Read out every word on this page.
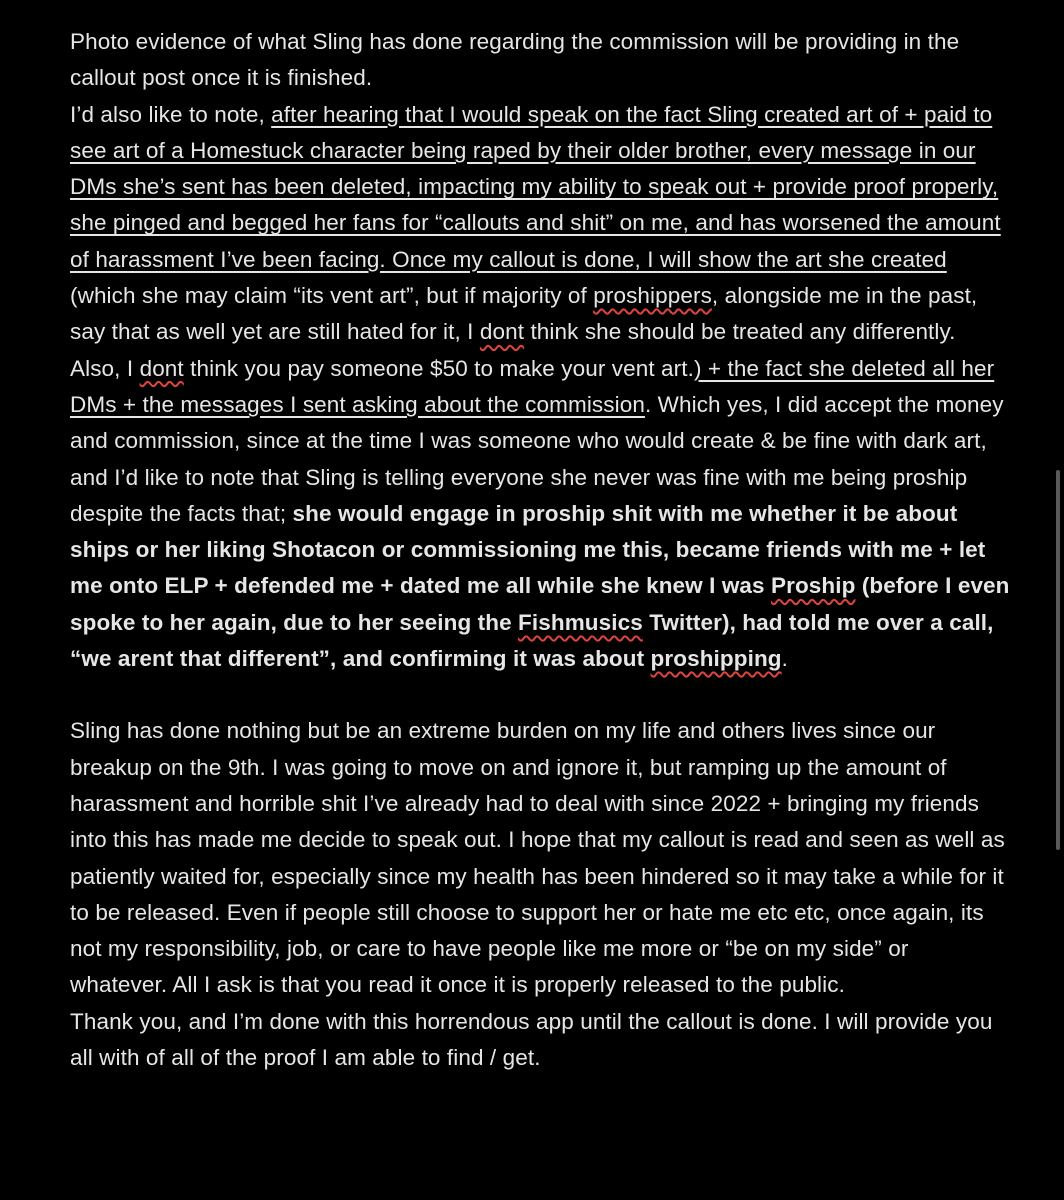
Photo evidence of what Sling has done regarding the commission will be providing in the callout post once it is finished.
I’d also like to note, after hearing that I would speak on the fact Sling created art of + paid to see art of a Homestuck character being raped by their older brother, every message in our DMs she’s sent has been deleted, impacting my ability to speak out + provide proof properly, she pinged and begged her fans for “callouts and shit” on me, and has worsened the amount of harassment I’ve been facing. Once my callout is done, I will show the art she created (which she may claim “its vent art”, but if majority of proshippers, alongside me in the past, say that as well yet are still hated for it, I dont think she should be treated any differently. Also, I dont think you pay someone $50 to make your vent art.) + the fact she deleted all her DMs + the messages I sent asking about the commission. Which yes, I did accept the money and commission, since at the time I was someone who would create & be fine with dark art, and I’d like to note that Sling is telling everyone she never was fine with me being proship despite the facts that; she would engage in proship shit with me whether it be about ships or her liking Shotacon or commissioning me this, became friends with me + let me onto ELP + defended me + dated me all while she knew I was Proship (before I even spoke to her again, due to her seeing the Fishmusics Twitter), had told me over a call, “we arent that different”, and confirming it was about proshipping.

Sling has done nothing but be an extreme burden on my life and others lives since our breakup on the 9th. I was going to move on and ignore it, but ramping up the amount of harassment and horrible shit I’ve already had to deal with since 2022 + bringing my friends into this has made me decide to speak out. I hope that my callout is read and seen as well as patiently waited for, especially since my health has been hindered so it may take a while for it to be released. Even if people still choose to support her or hate me etc etc, once again, its not my responsibility, job, or care to have people like me more or “be on my side” or whatever. All I ask is that you read it once it is properly released to the public.

Thank you, and I’m done with this horrendous app until the callout is done. I will provide you all with of all of the proof I am able to find / get.
